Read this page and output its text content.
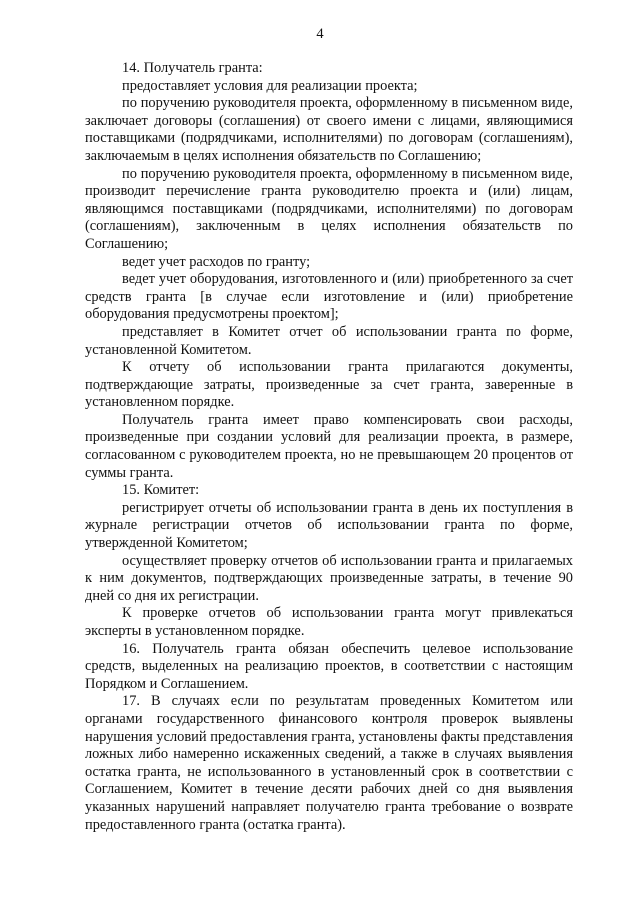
4

14. Получатель гранта:

предоставляет условия для реализации проекта;

по поручению руководителя проекта, оформленному в письменном виде, заключает договоры (соглашения) от своего имени с лицами, являющимися поставщиками (подрядчиками, исполнителями) по договорам (соглашениям), заключаемым в целях исполнения обязательств по Соглашению;

по поручению руководителя проекта, оформленному в письменном виде, производит перечисление гранта руководителю проекта и (или) лицам, являющимся поставщиками (подрядчиками, исполнителями) по договорам (соглашениям), заключенным в целях исполнения обязательств по Соглашению;

ведет учет расходов по гранту;

ведет учет оборудования, изготовленного и (или) приобретенного за счет средств гранта [в случае если изготовление и (или) приобретение оборудования предусмотрены проектом];

представляет в Комитет отчет об использовании гранта по форме, установленной Комитетом.

К отчету об использовании гранта прилагаются документы, подтверждающие затраты, произведенные за счет гранта, заверенные в установленном порядке.

Получатель гранта имеет право компенсировать свои расходы, произведенные при создании условий для реализации проекта, в размере, согласованном с руководителем проекта, но не превышающем 20 процентов от суммы гранта.

15. Комитет:

регистрирует отчеты об использовании гранта в день их поступления в журнале регистрации отчетов об использовании гранта по форме, утвержденной Комитетом;

осуществляет проверку отчетов об использовании гранта и прилагаемых к ним документов, подтверждающих произведенные затраты, в течение 90 дней со дня их регистрации.

К проверке отчетов об использовании гранта могут привлекаться эксперты в установленном порядке.

16. Получатель гранта обязан обеспечить целевое использование средств, выделенных на реализацию проектов, в соответствии с настоящим Порядком и Соглашением.

17. В случаях если по результатам проведенных Комитетом или органами государственного финансового контроля проверок выявлены нарушения условий предоставления гранта, установлены факты представления ложных либо намеренно искаженных сведений, а также в случаях выявления остатка гранта, не использованного в установленный срок в соответствии с Соглашением, Комитет в течение десяти рабочих дней со дня выявления указанных нарушений направляет получателю гранта требование о возврате предоставленного гранта (остатка гранта).
